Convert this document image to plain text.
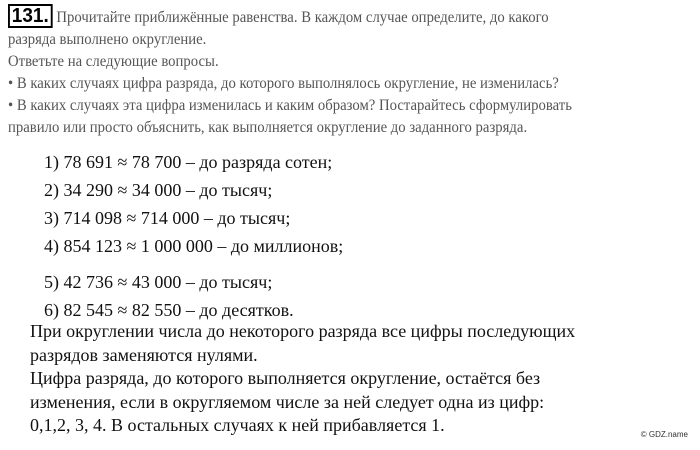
131. Прочитайте приближённые равенства. В каждом случае определите, до какого
разряда выполнено округление.
Ответьте на следующие вопросы.
• В каких случаях цифра разряда, до которого выполнялось округление, не изменилась?
• В каких случаях эта цифра изменилась и каким образом? Постарайтесь сформулировать
правило или просто объяснить, как выполняется округление до заданного разряда.
1) 78 691 ≈ 78 700 – до разряда сотен;
2) 34 290 ≈ 34 000 – до тысяч;
3) 714 098 ≈ 714 000 – до тысяч;
4) 854 123 ≈ 1 000 000 – до миллионов;
5) 42 736 ≈ 43 000 – до тысяч;
6) 82 545 ≈ 82 550 – до десятков.
При округлении числа до некоторого разряда все цифры последующих
разрядов заменяются нулями.
Цифра разряда, до которого выполняется округление, остаётся без
изменения, если в округляемом числе за ней следует одна из цифр:
0,1,2, 3, 4. В остальных случаях к ней прибавляется 1.	© GDZ.name
